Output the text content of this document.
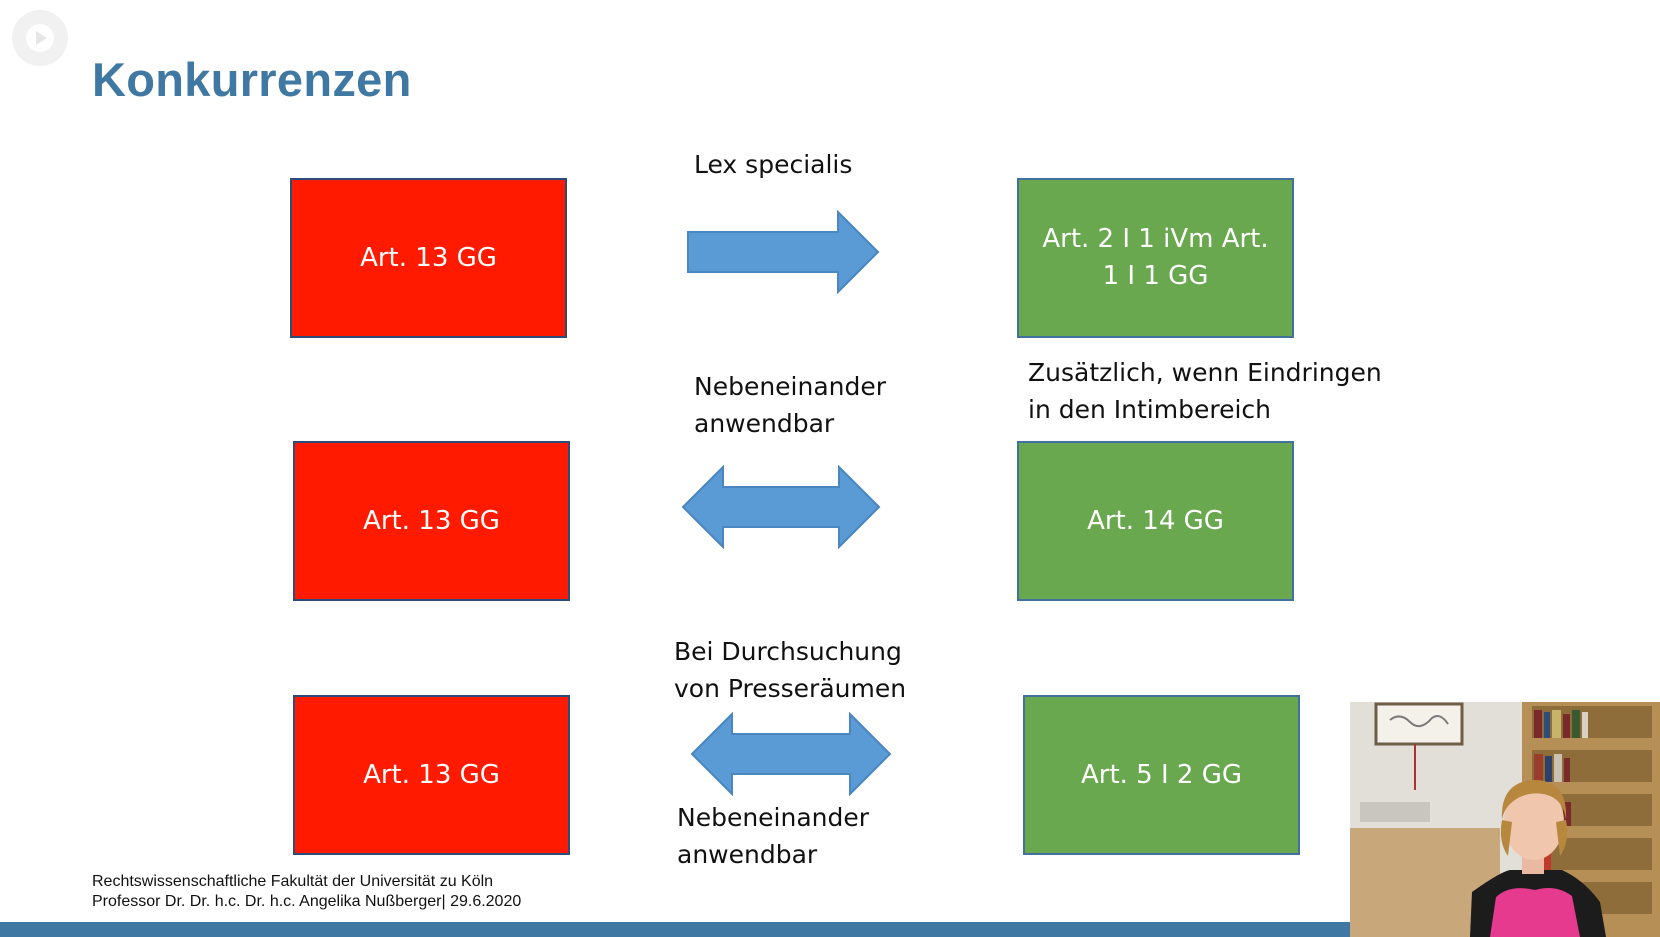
Konkurrenzen
Art. 13 GG
Lex specialis
Art. 2 I 1 iVm Art. 1 I 1 GG
Nebeneinander
anwendbar
Zusätzlich, wenn Eindringen
in den Intimbereich
Art. 13 GG	Art. 14 GG
Bei Durchsuchung
von Presseräumen
Art. 13 GG
Nebeneinander
anwendbar
Art. 5 I 2 GG
Rechtswissenschaftliche Fakultät der Universität zu Köln
Professor Dr. Dr. h.c. Dr. h.c. Angelika Nußberger| 29.6.2020
